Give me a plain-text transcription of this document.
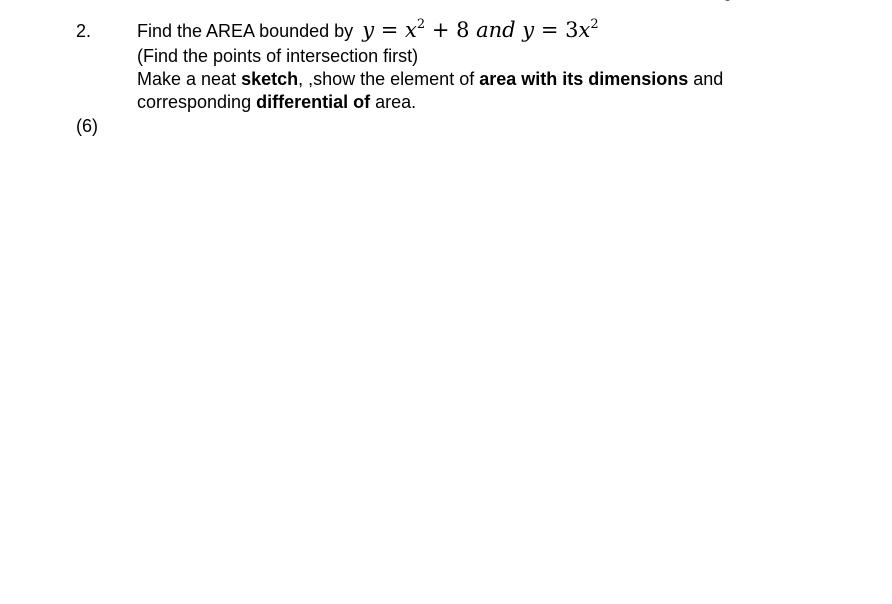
2.
(6)
Find the AREA bounded by $y = x^2 + 8$ and $y = 3x^2$
(Find the points of intersection first)
Make a neat sketch, ,show the element of area with its dimensions and
corresponding differential of area.
